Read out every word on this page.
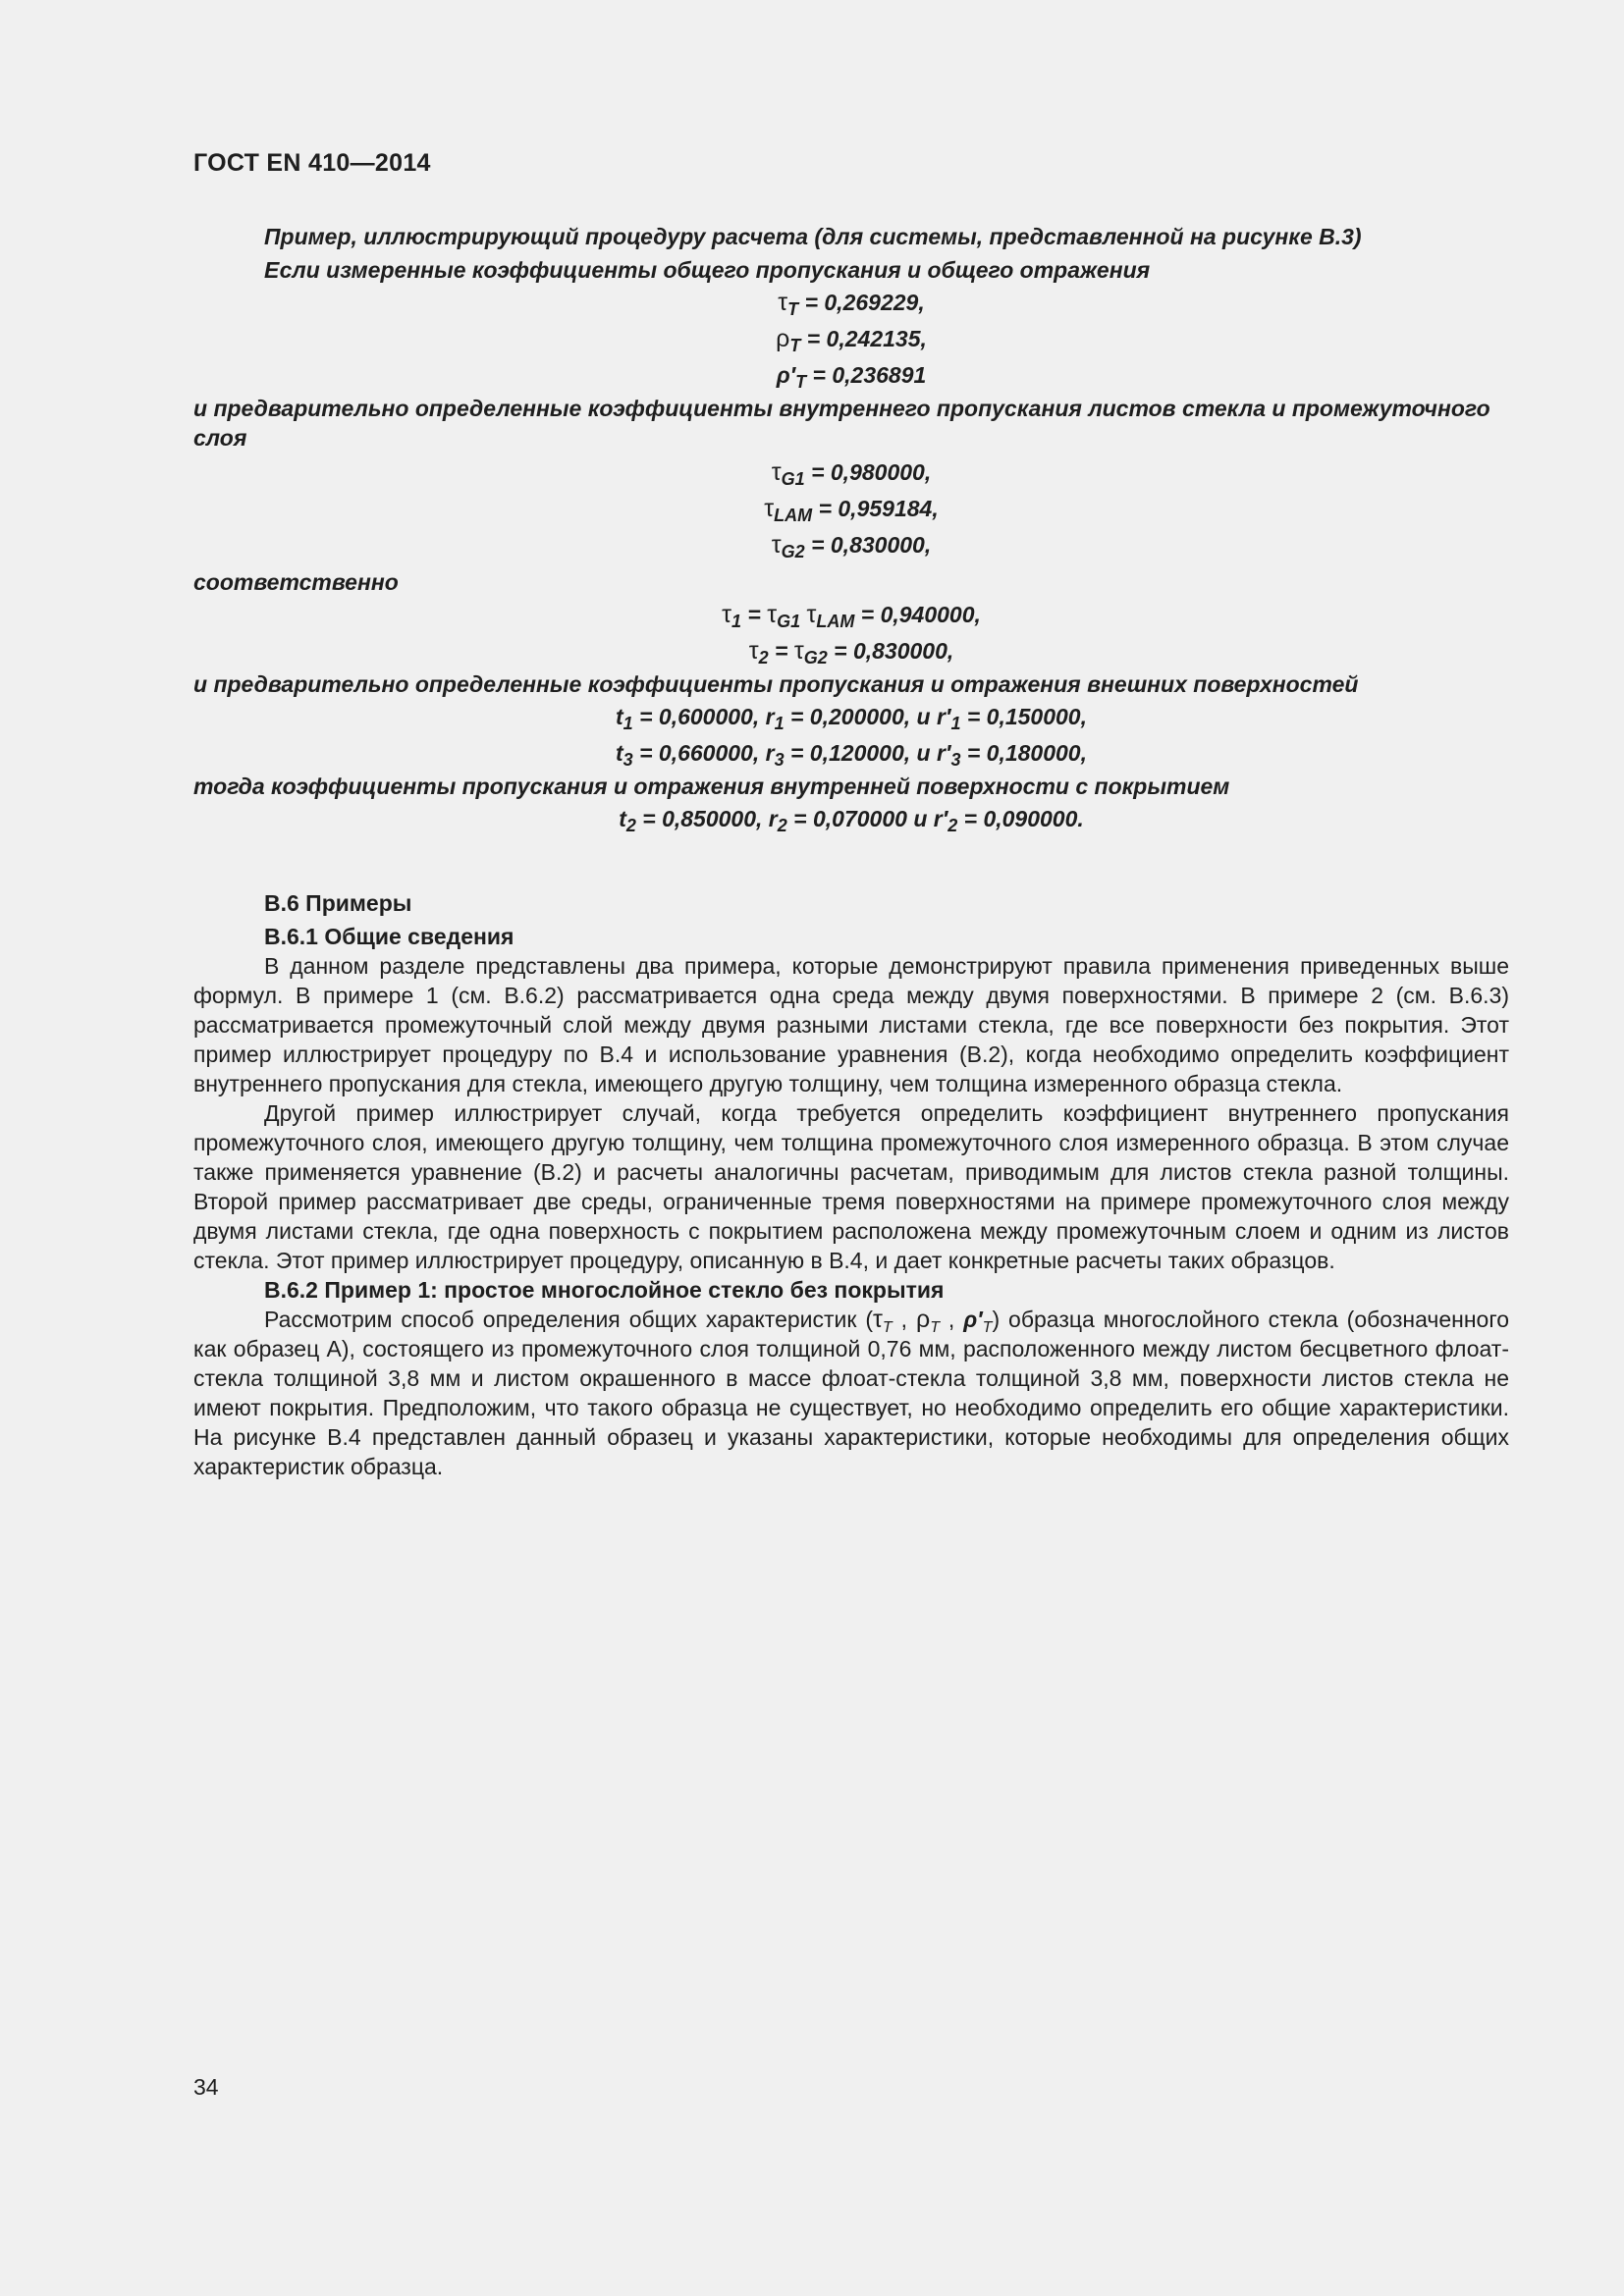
ГОСТ EN 410—2014
Пример, иллюстрирующий процедуру расчета (для системы, представленной на рисунке B.3)
Если измеренные коэффициенты общего пропускания и общего отражения
$\tau_T = 0,269229$,
$\rho_T = 0,242135$,
$\rho'_T = 0,236891$
и предварительно определенные коэффициенты внутреннего пропускания листов стекла и промежуточного слоя
$\tau_{G1} = 0,980000$,
$\tau_{LAM} = 0,959184$,
$\tau_{G2} = 0,830000$,
соответственно
$\tau_1 = \tau_{G1}$ $\tau_{LAM} = 0,940000$,
$\tau_2 = \tau_{G2} = 0,830000$,
и предварительно определенные коэффициенты пропускания и отражения внешних поверхностей
$t_1 = 0,600000$, $r_1 = 0,200000$, и $r'_1 = 0,150000$,
$t_3 = 0,660000$, $r_3 = 0,120000$, и $r'_3 = 0,180000$,
тогда коэффициенты пропускания и отражения внутренней поверхности с покрытием
$t_2 = 0,850000$, $r_2 = 0,070000$ и $r'_2 = 0,090000$.
B.6 Примеры
B.6.1 Общие сведения
В данном разделе представлены два примера, которые демонстрируют правила применения приведенных выше формул. В примере 1 (см. B.6.2) рассматривается одна среда между двумя поверхностями. В примере 2 (см. B.6.3) рассматривается промежуточный слой между двумя разными листами стекла, где все поверхности без покрытия. Этот пример иллюстрирует процедуру по B.4 и использование уравнения (B.2), когда необходимо определить коэффициент внутреннего пропускания для стекла, имеющего другую толщину, чем толщина измеренного образца стекла.
Другой пример иллюстрирует случай, когда требуется определить коэффициент внутреннего пропускания промежуточного слоя, имеющего другую толщину, чем толщина промежуточного слоя измеренного образца. В этом случае также применяется уравнение (B.2) и расчеты аналогичны расчетам, приводимым для листов стекла разной толщины. Второй пример рассматривает две среды, ограниченные тремя поверхностями на примере промежуточного слоя между двумя листами стекла, где одна поверхность с покрытием расположена между промежуточным слоем и одним из листов стекла. Этот пример иллюстрирует процедуру, описанную в B.4, и дает конкретные расчеты таких образцов.
B.6.2 Пример 1: простое многослойное стекло без покрытия
Рассмотрим способ определения общих характеристик ($\tau_T$ , $\rho_T$ , $\rho'_T$) образца многослойного стекла (обозначенного как образец A), состоящего из промежуточного слоя толщиной 0,76 мм, расположенного между листом бесцветного флоат-стекла толщиной 3,8 мм и листом окрашенного в массе флоат-стекла толщиной 3,8 мм, поверхности листов стекла не имеют покрытия. Предположим, что такого образца не существует, но необходимо определить его общие характеристики. На рисунке B.4 представлен данный образец и указаны характеристики, которые необходимы для определения общих характеристик образца.
34
